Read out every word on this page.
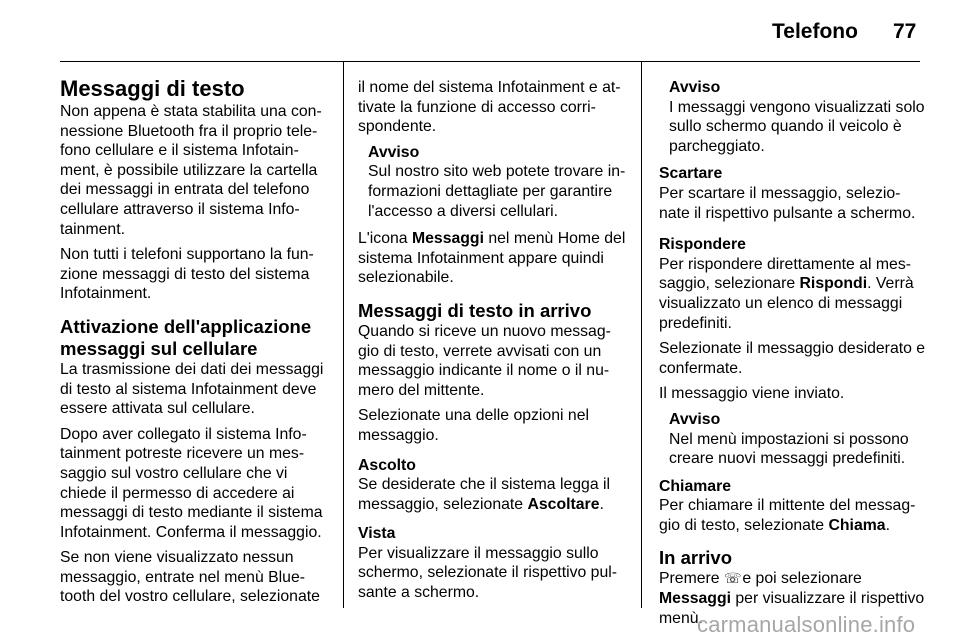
Telefono 77
Messaggi di testo

Non appena è stata stabilita una con-nessione Bluetooth fra il proprio tele-fono cellulare e il sistema Infotain-ment, è possibile utilizzare la cartella dei messaggi in entrata del telefono cellulare attraverso il sistema Info-tainment.

Non tutti i telefoni supportano la fun-zione messaggi di testo del sistema Infotainment.

Attivazione dell'applicazione messaggi sul cellulare

La trasmissione dei dati dei messaggi di testo al sistema Infotainment deve essere attivata sul cellulare.

Dopo aver collegato il sistema Info-tainment potreste ricevere un mes-saggio sul vostro cellulare che vi chiede il permesso di accedere ai messaggi di testo mediante il sistema Infotainment. Conferma il messaggio.

Se non viene visualizzato nessun messaggio, entrate nel menù Blue-tooth del vostro cellulare, selezionate

il nome del sistema Infotainment e at-tivate la funzione di accesso corri-spondente.

Avviso
Sul nostro sito web potete trovare in-formazioni dettagliate per garantire l'accesso a diversi cellulari.

L'icona Messaggi nel menù Home del sistema Infotainment appare quindi selezionabile.

Messaggi di testo in arrivo

Quando si riceve un nuovo messag-gio di testo, verrete avvisati con un messaggio indicante il nome o il nu-mero del mittente.

Selezionate una delle opzioni nel messaggio.

Ascolto

Se desiderate che il sistema legga il messaggio, selezionate Ascoltare.

Vista

Per visualizzare il messaggio sullo schermo, selezionate il rispettivo pul-sante a schermo.

Avviso
I messaggi vengono visualizzati solo sullo schermo quando il veicolo è parcheggiato.
Scartare

Per scartare il messaggio, selezio-nate il rispettivo pulsante a schermo.

Rispondere

Per rispondere direttamente al mes-saggio, selezionare Rispondi. Verrà visualizzato un elenco di messaggi predefiniti.

Selezionate il messaggio desiderato e confermate.

Il messaggio viene inviato.

Avviso
Nel menù impostazioni si possono creare nuovi messaggi predefiniti.
Chiamare

Per chiamare il mittente del messag-gio di testo, selezionate Chiama.

In arrivo

Premere ☏ e poi selezionare
Messaggi per visualizzare il rispettivo menù.

carmanualsonline.info
